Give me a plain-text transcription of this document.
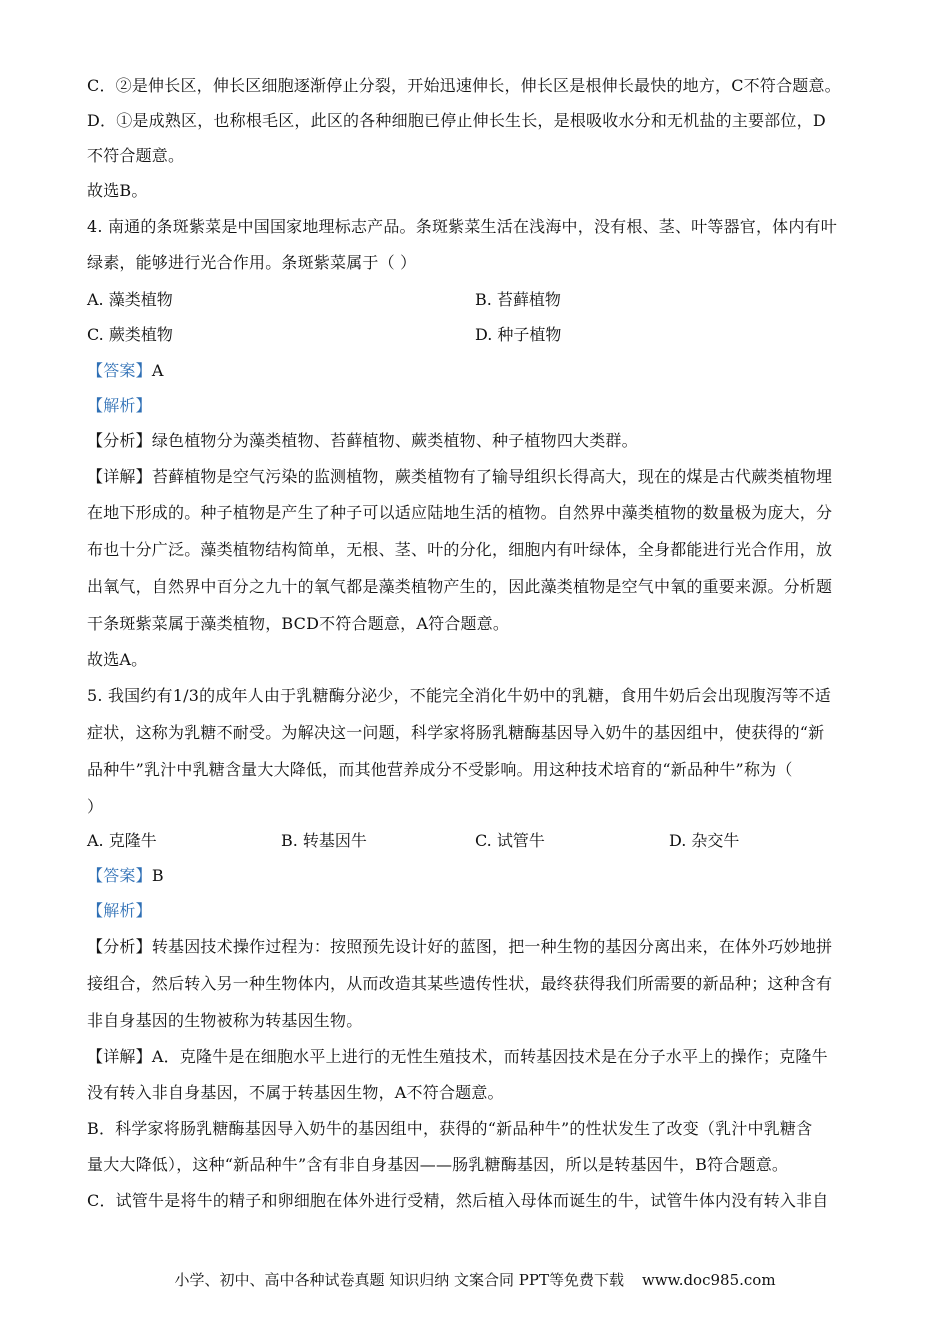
C．②是伸长区，伸长区细胞逐渐停止分裂，开始迅速伸长，伸长区是根伸长最快的地方，C不符合题意。
D．①是成熟区，也称根毛区，此区的各种细胞已停止伸长生长，是根吸收水分和无机盐的主要部位，D
不符合题意。
故选B。
4. 南通的条斑紫菜是中国国家地理标志产品。条斑紫菜生活在浅海中，没有根、茎、叶等器官，体内有叶
绿素，能够进行光合作用。条斑紫菜属于（ ）
A. 藻类植物	B. 苔藓植物
C. 蕨类植物	D. 种子植物
【答案】A
【解析】
【分析】绿色植物分为藻类植物、苔藓植物、蕨类植物、种子植物四大类群。
【详解】苔藓植物是空气污染的监测植物，蕨类植物有了输导组织长得高大，现在的煤是古代蕨类植物埋
在地下形成的。种子植物是产生了种子可以适应陆地生活的植物。自然界中藻类植物的数量极为庞大，分
布也十分广泛。藻类植物结构简单，无根、茎、叶的分化，细胞内有叶绿体，全身都能进行光合作用，放
出氧气，自然界中百分之九十的氧气都是藻类植物产生的，因此藻类植物是空气中氧的重要来源。分析题
干条斑紫菜属于藻类植物，BCD不符合题意，A符合题意。
故选A。
5. 我国约有1/3的成年人由于乳糖酶分泌少，不能完全消化牛奶中的乳糖，食用牛奶后会出现腹泻等不适
症状，这称为乳糖不耐受。为解决这一问题，科学家将肠乳糖酶基因导入奶牛的基因组中，使获得的“新
品种牛”乳汁中乳糖含量大大降低，而其他营养成分不受影响。用这种技术培育的“新品种牛”称为（
）
A. 克隆牛	B. 转基因牛	C. 试管牛	D. 杂交牛
【答案】B
【解析】
【分析】转基因技术操作过程为：按照预先设计好的蓝图，把一种生物的基因分离出来，在体外巧妙地拼
接组合，然后转入另一种生物体内，从而改造其某些遗传性状，最终获得我们所需要的新品种；这种含有
非自身基因的生物被称为转基因生物。
【详解】A．克隆牛是在细胞水平上进行的无性生殖技术，而转基因技术是在分子水平上的操作；克隆牛
没有转入非自身基因，不属于转基因生物，A不符合题意。
B．科学家将肠乳糖酶基因导入奶牛的基因组中，获得的“新品种牛”的性状发生了改变（乳汁中乳糖含
量大大降低），这种“新品种牛”含有非自身基因——肠乳糖酶基因，所以是转基因牛，B符合题意。
C．试管牛是将牛的精子和卵细胞在体外进行受精，然后植入母体而诞生的牛，试管牛体内没有转入非自
小学、初中、高中各种试卷真题 知识归纳 文案合同 PPT等免费下载 www.doc985.com
